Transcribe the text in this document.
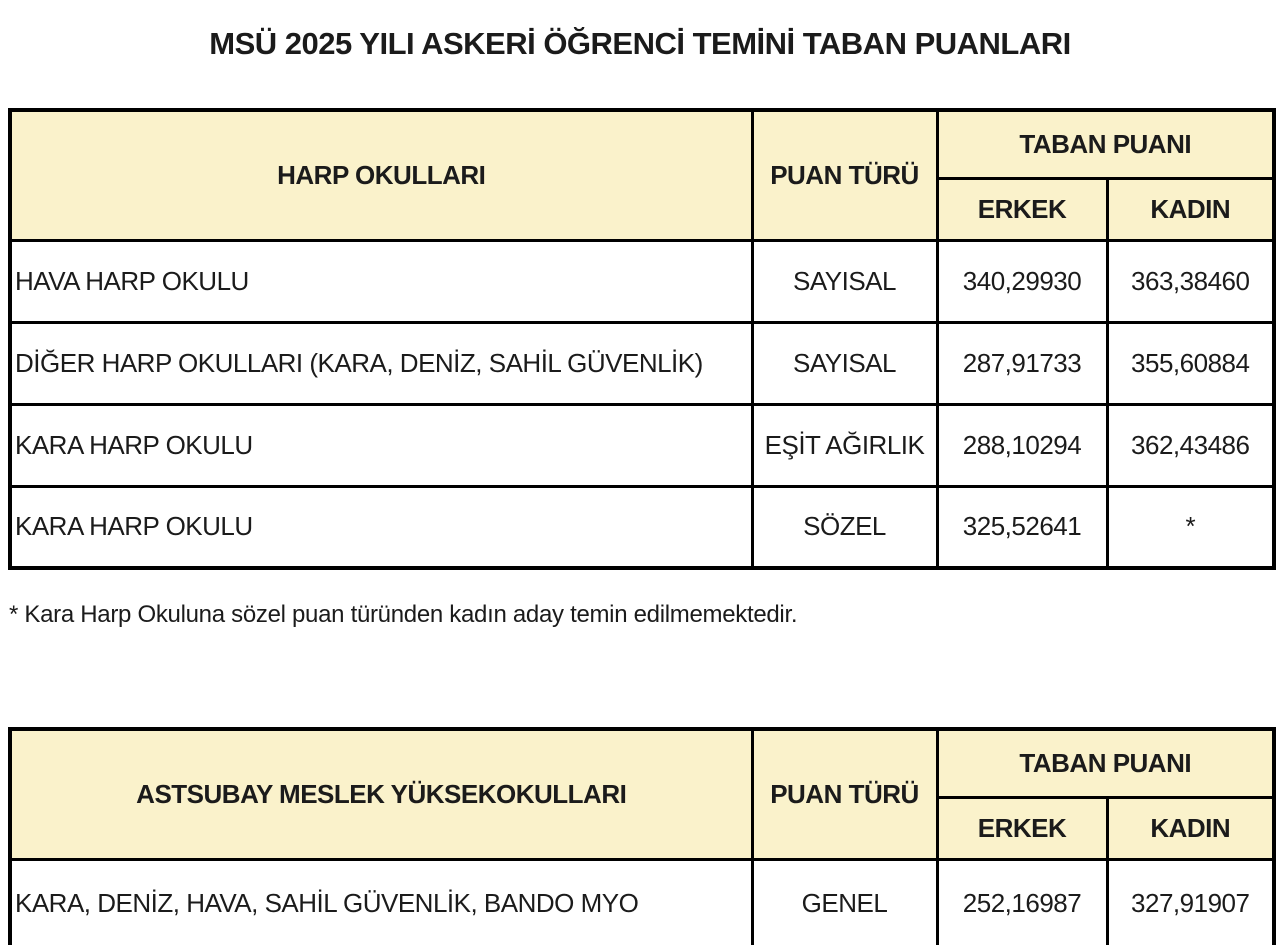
MSÜ 2025 YILI ASKERİ ÖĞRENCİ TEMİNİ TABAN PUANLARI
HARP OKULLARI	PUAN TÜRÜ	TABAN PUANI	
		ERKEK	KADIN
HAVA HARP OKULU	SAYISAL	340,29930	363,38460
DİĞER HARP OKULLARI (KARA, DENİZ, SAHİL GÜVENLİK)	SAYISAL	287,91733	355,60884
KARA HARP OKULU	EŞİT AĞIRLIK	288,10294	362,43486
KARA HARP OKULU	SÖZEL	325,52641	*
* Kara Harp Okuluna sözel puan türünden kadın aday temin edilmemektedir.
ASTSUBAY MESLEK YÜKSEKOKULLARI	PUAN TÜRÜ	TABAN PUANI	
		ERKEK	KADIN
KARA, DENİZ, HAVA, SAHİL GÜVENLİK, BANDO MYO	GENEL	252,16987	327,91907
